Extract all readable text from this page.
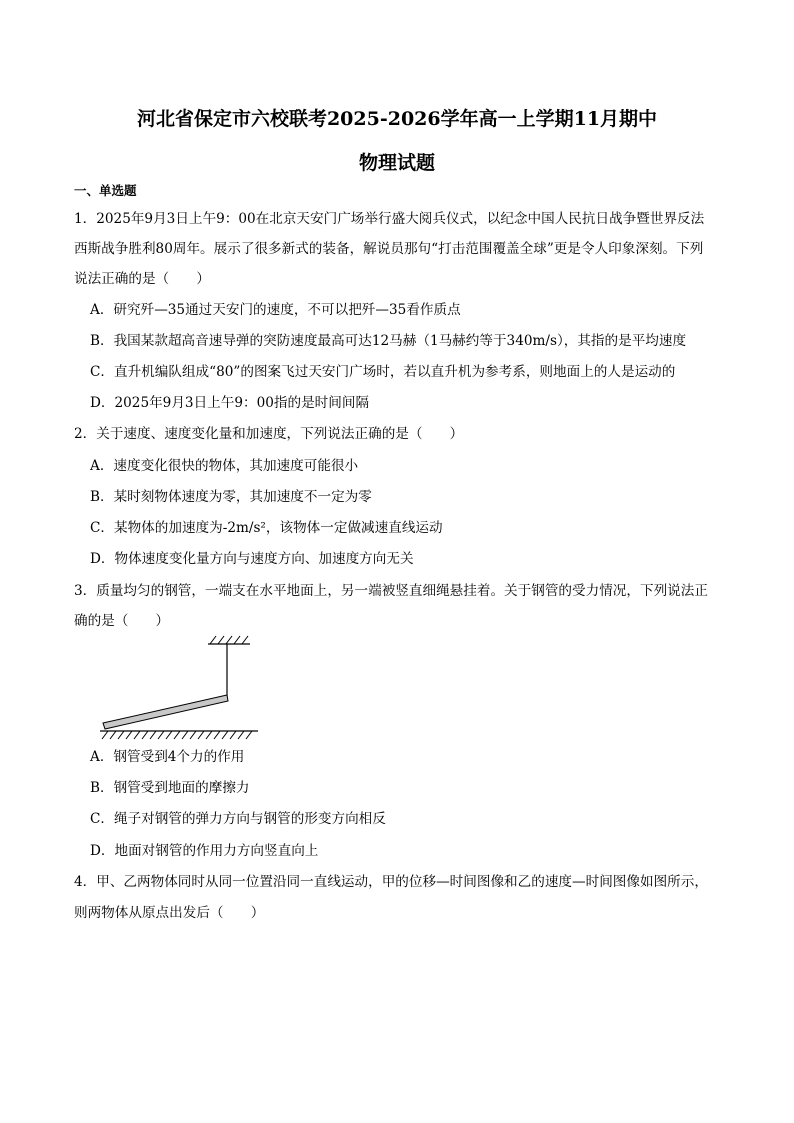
河北省保定市六校联考2025-2026学年高一上学期11月期中
物理试题
一、单选题
1．2025年9月3日上午9：00在北京天安门广场举行盛大阅兵仪式，以纪念中国人民抗日战争暨世界反法
西斯战争胜利80周年。展示了很多新式的装备，解说员那句“打击范围覆盖全球”更是令人印象深刻。下列
说法正确的是（　　）
A．研究歼—35通过天安门的速度，不可以把歼—35看作质点
B．我国某款超高音速导弹的突防速度最高可达12马赫（1马赫约等于340m/s），其指的是平均速度
C．直升机编队组成“80”的图案飞过天安门广场时，若以直升机为参考系，则地面上的人是运动的
D．2025年9月3日上午9：00指的是时间间隔
2．关于速度、速度变化量和加速度，下列说法正确的是（　　）
A．速度变化很快的物体，其加速度可能很小
B．某时刻物体速度为零，其加速度不一定为零
C．某物体的加速度为-2m/s²，该物体一定做减速直线运动
D．物体速度变化量方向与速度方向、加速度方向无关
3．质量均匀的钢管，一端支在水平地面上，另一端被竖直细绳悬挂着。关于钢管的受力情况，下列说法正
确的是（　　）
A．钢管受到4个力的作用
B．钢管受到地面的摩擦力
C．绳子对钢管的弹力方向与钢管的形变方向相反
D．地面对钢管的作用力方向竖直向上
4．甲、乙两物体同时从同一位置沿同一直线运动，甲的位移—时间图像和乙的速度—时间图像如图所示，
则两物体从原点出发后（　　）
